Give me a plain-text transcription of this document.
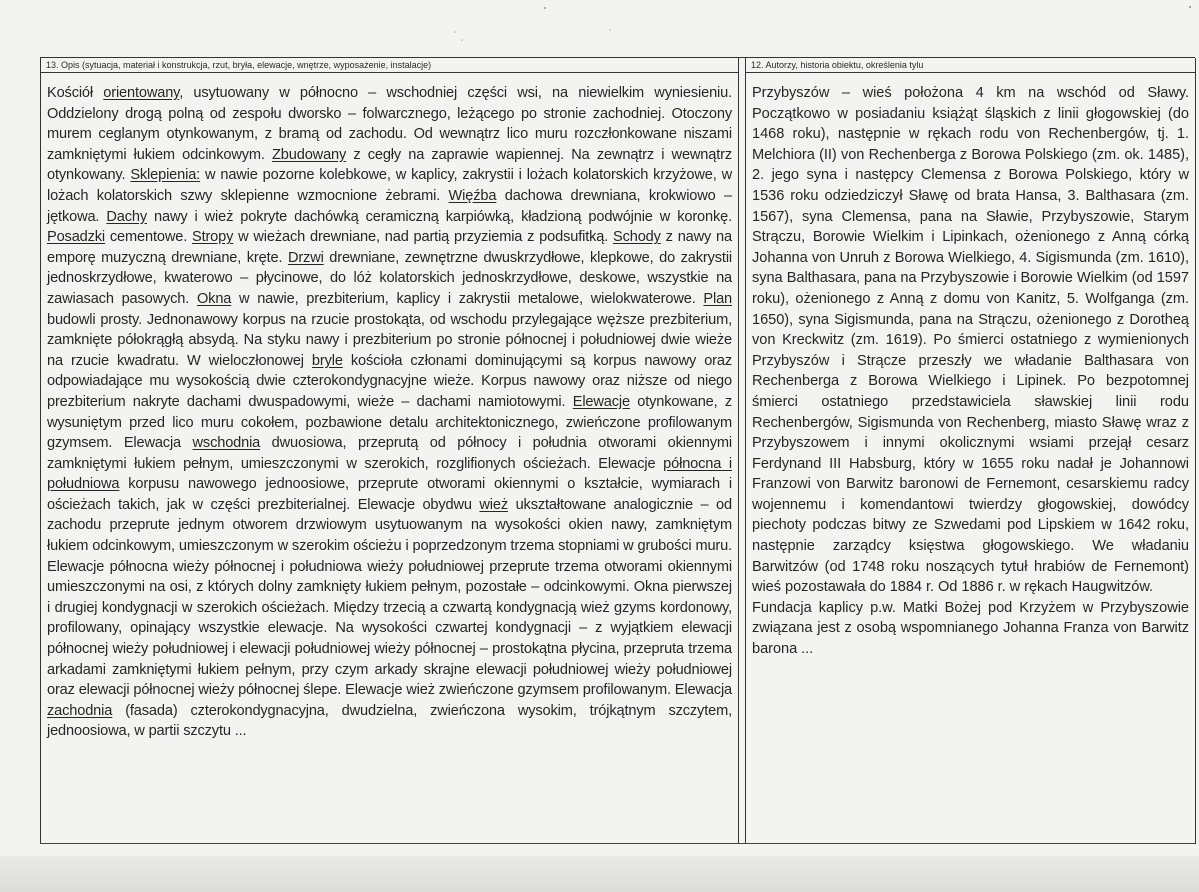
13. Opis (sytuacja, materiał i konstrukcja, rzut, bryła, elewacje, wnętrze, wyposażenie, instalacje)

Kościół orientowany, usytuowany w północno – wschodniej części wsi, na niewielkim wyniesieniu. Oddzielony drogą polną od zespołu dworsko – folwarcznego, leżącego po stronie zachodniej. Otoczony murem ceglanym otynkowanym, z bramą od zachodu. Od wewnątrz lico muru rozczłonkowane niszami zamkniętymi łukiem odcinkowym. Zbudowany z cegły na zaprawie wapiennej. Na zewnątrz i wewnątrz otynkowany. Sklepienia: w nawie pozorne kolebkowe, w kaplicy, zakrystii i lożach kolatorskich krzyżowe, w lożach kolatorskich szwy sklepienne wzmocnione żebrami. Więźba dachowa drewniana, krokwiowo – jętkowa. Dachy nawy i wież pokryte dachówką ceramiczną karpiówką, kładzioną podwójnie w koronkę. Posadzki cementowe. Stropy w wieżach drewniane, nad partią przyziemia z podsufitką. Schody z nawy na emporę muzyczną drewniane, kręte. Drzwi drewniane, zewnętrzne dwuskrzydłowe, klepkowe, do zakrystii jednoskrzydłowe, kwaterowo – płycinowe, do lóż kolatorskich jednoskrzydłowe, deskowe, wszystkie na zawiasach pasowych. Okna w nawie, prezbiterium, kaplicy i zakrystii metalowe, wielokwaterowe. Plan budowli prosty. Jednonawowy korpus na rzucie prostokąta, od wschodu przylegające węższe prezbiterium, zamknięte półokrągłą absydą. Na styku nawy i prezbiterium po stronie północnej i południowej dwie wieże na rzucie kwadratu. W wieloczłonowej bryle kościoła członami dominującymi są korpus nawowy oraz odpowiadające mu wysokością dwie czterokondygnacyjne wieże. Korpus nawowy oraz niższe od niego prezbiterium nakryte dachami dwuspadowymi, wieże – dachami namiotowymi. Elewacje otynkowane, z wysuniętym przed lico muru cokołem, pozbawione detalu architektonicznego, zwieńczone profilowanym gzymsem. Elewacja wschodnia dwuosiowa, przeprutą od północy i południa otworami okiennymi zamkniętymi łukiem pełnym, umieszczonymi w szerokich, rozglifionych ościeżach. Elewacje północna i południowa korpusu nawowego jednoosiowe, przeprute otworami okiennymi o kształcie, wymiarach i ościeżach takich, jak w części prezbiterialnej. Elewacje obydwu wież ukształtowane analogicznie – od zachodu przeprute jednym otworem drzwiowym usytuowanym na wysokości okien nawy, zamkniętym łukiem odcinkowym, umieszczonym w szerokim ościeżu i poprzedzonym trzema stopniami w grubości muru. Elewacje północna wieży północnej i południowa wieży południowej przeprute trzema otworami okiennymi umieszczonymi na osi, z których dolny zamknięty łukiem pełnym, pozostałe – odcinkowymi. Okna pierwszej i drugiej kondygnacji w szerokich ościeżach. Między trzecią a czwartą kondygnacją wież gzyms kordonowy, profilowany, opinający wszystkie elewacje. Na wysokości czwartej kondygnacji – z wyjątkiem elewacji północnej wieży południowej i elewacji południowej wieży północnej – prostokątna płycina, przepruta trzema arkadami zamkniętymi łukiem pełnym, przy czym arkady skrajne elewacji południowej wieży południowej oraz elewacji północnej wieży północnej ślepe. Elewacje wież zwieńczone gzymsem profilowanym. Elewacja zachodnia (fasada) czterokondygnacyjna, dwudzielna, zwieńczona wysokim, trójkątnym szczytem, jednoosiowa, w partii szczytu ...

12. Autorzy, historia obiektu, określenia tylu

Przybyszów – wieś położona 4 km na wschód od Sławy. Początkowo w posiadaniu książąt śląskich z linii głogowskiej (do 1468 roku), następnie w rękach rodu von Rechenbergów, tj. 1. Melchiora (II) von Rechenberga z Borowa Polskiego (zm. ok. 1485), 2. jego syna i następcy Clemensa z Borowa Polskiego, który w 1536 roku odziedziczył Sławę od brata Hansa, 3. Balthasara (zm. 1567), syna Clemensa, pana na Sławie, Przybyszowie, Starym Strączu, Borowie Wielkim i Lipinkach, ożenionego z Anną córką Johanna von Unruh z Borowa Wielkiego, 4. Sigismunda (zm. 1610), syna Balthasara, pana na Przybyszowie i Borowie Wielkim (od 1597 roku), ożenionego z Anną z domu von Kanitz, 5. Wolfganga (zm. 1650), syna Sigismunda, pana na Strączu, ożenionego z Dorotheą von Kreckwitz (zm. 1619). Po śmierci ostatniego z wymienionych Przybyszów i Strącze przeszły we władanie Balthasara von Rechenberga z Borowa Wielkiego i Lipinek. Po bezpotomnej śmierci ostatniego przedstawiciela sławskiej linii rodu Rechenbergów, Sigismunda von Rechenberg, miasto Sławę wraz z Przybyszowem i innymi okolicznymi wsiami przejął cesarz Ferdynand III Habsburg, który w 1655 roku nadał je Johannowi Franzowi von Barwitz baronowi de Fernemont, cesarskiemu radcy wojennemu i komendantowi twierdzy głogowskiej, dowódcy piechoty podczas bitwy ze Szwedami pod Lipskiem w 1642 roku, następnie zarządcy księstwa głogowskiego. We władaniu Barwitzów (od 1748 roku noszących tytuł hrabiów de Fernemont) wieś pozostawała do 1884 r. Od 1886 r. w rękach Haugwitzów.

Fundacja kaplicy p.w. Matki Bożej pod Krzyżem w Przybyszowie związana jest z osobą wspomnianego Johanna Franza von Barwitz barona ...
